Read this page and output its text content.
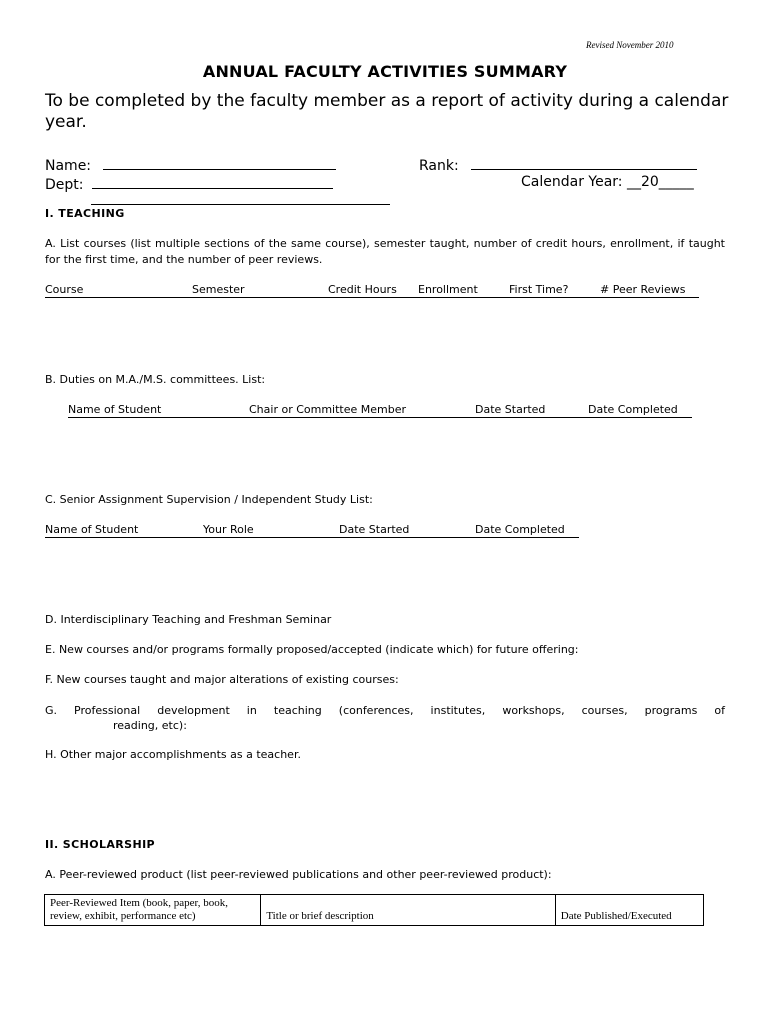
Revised November 2010
ANNUAL FACULTY ACTIVITIES SUMMARY
To be completed by the faculty member as a report of activity during a calendar year.
Name:	Rank:
Dept:	Calendar Year: __20_____
I. TEACHING
A. List courses (list multiple sections of the same course), semester taught, number of credit hours, enrollment, if taught for the first time, and the number of peer reviews.
Course	Semester	Credit Hours	Enrollment	First Time?	# Peer Reviews
B. Duties on M.A./M.S. committees. List:
Name of Student	Chair or Committee Member	Date Started	Date Completed
C. Senior Assignment Supervision / Independent Study List:
Name of Student	Your Role	Date Started	Date Completed
D. Interdisciplinary Teaching and Freshman Seminar
E. New courses and/or programs formally proposed/accepted (indicate which) for future offering:
F. New courses taught and major alterations of existing courses:
G. Professional development in teaching (conferences, institutes, workshops, courses, programs of
reading, etc):
H. Other major accomplishments as a teacher.
II. SCHOLARSHIP
A. Peer-reviewed product (list peer-reviewed publications and other peer-reviewed product):
Peer-Reviewed Item (book, paper, book, review, exhibit, performance etc)	Title or brief description	Date Published/Executed
